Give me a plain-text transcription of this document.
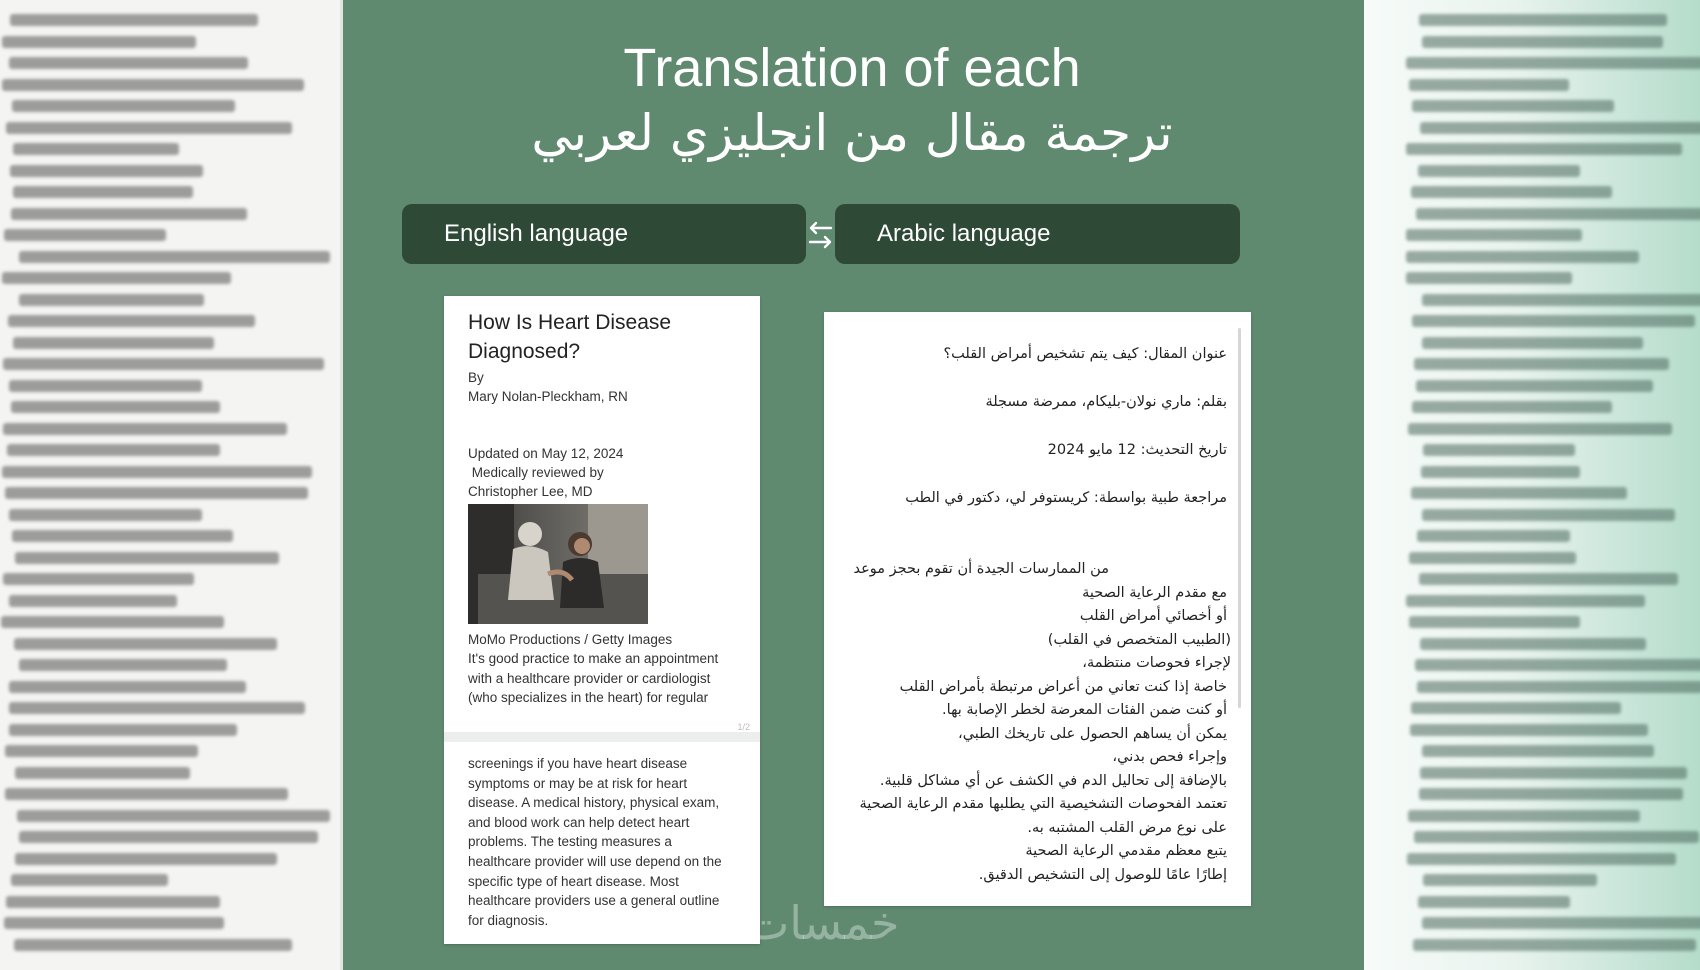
Translation of each
ترجمة مقال من انجليزي لعربي
English language	Arabic language
How Is Heart Disease Diagnosed?
By
Mary Nolan-Pleckham, RN
Updated on May 12, 2024
Medically reviewed by
Christopher Lee, MD
MoMo Productions / Getty Images
It's good practice to make an appointment
with a healthcare provider or cardiologist
(who specializes in the heart) for regular
1/2
screenings if you have heart disease
symptoms or may be at risk for heart
disease. A medical history, physical exam,
and blood work can help detect heart
problems. The testing measures a
healthcare provider will use depend on the
specific type of heart disease. Most
healthcare providers use a general outline
for diagnosis.
عنوان المقال: كيف يتم تشخيص أمراض القلب؟
بقلم: ماري نولان-بليكام، ممرضة مسجلة
تاريخ التحديث: 12 مايو 2024
مراجعة طبية بواسطة: كريستوفر لي، دكتور في الطب
من الممارسات الجيدة أن تقوم بحجز موعد
مع مقدم الرعاية الصحية
أو أخصائي أمراض القلب
(الطبيب المتخصص في القلب)
لإجراء فحوصات منتظمة،
خاصة إذا كنت تعاني من أعراض مرتبطة بأمراض القلب
أو كنت ضمن الفئات المعرضة لخطر الإصابة بها.
يمكن أن يساهم الحصول على تاريخك الطبي،
وإجراء فحص بدني،
بالإضافة إلى تحاليل الدم في الكشف عن أي مشاكل قلبية.
تعتمد الفحوصات التشخيصية التي يطلبها مقدم الرعاية الصحية
على نوع مرض القلب المشتبه به.
يتبع معظم مقدمي الرعاية الصحية
إطارًا عامًا للوصول إلى التشخيص الدقيق.
خمسات
